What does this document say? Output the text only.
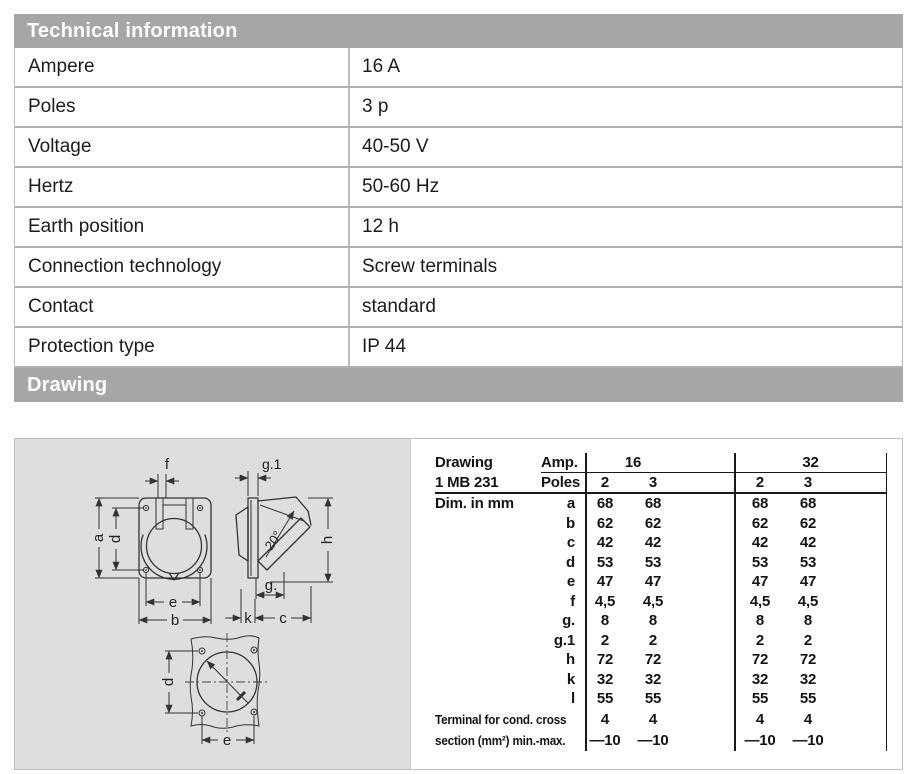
Technical information
Ampere	16 A
Poles	3 p
Voltage	40-50 V
Hertz	50-60 Hz
Earth position	12 h
Connection technology	Screw terminals
Contact	standard
Protection type	IP 44
Drawing
f
a d
e
b
20°
g.1
h
g.
k c
d
e
Drawing	Amp.	16	32
1 MB 231	Poles	2	3	2	3
Dim. in mm	a	68	68	68	68
b	62	62	62	62
c	42	42	42	42
d	53	53	53	53
e	47	47	47	47
f	4,5	4,5	4,5	4,5
g.	8	8	8	8
g.1	2	2	2	2
h	72	72	72	72
k	32	32	32	32
l	55	55	55	55
Terminal for cond. cross	4	4	4	4
section (mm²) min.-max.	—10	—10	—10	—10
